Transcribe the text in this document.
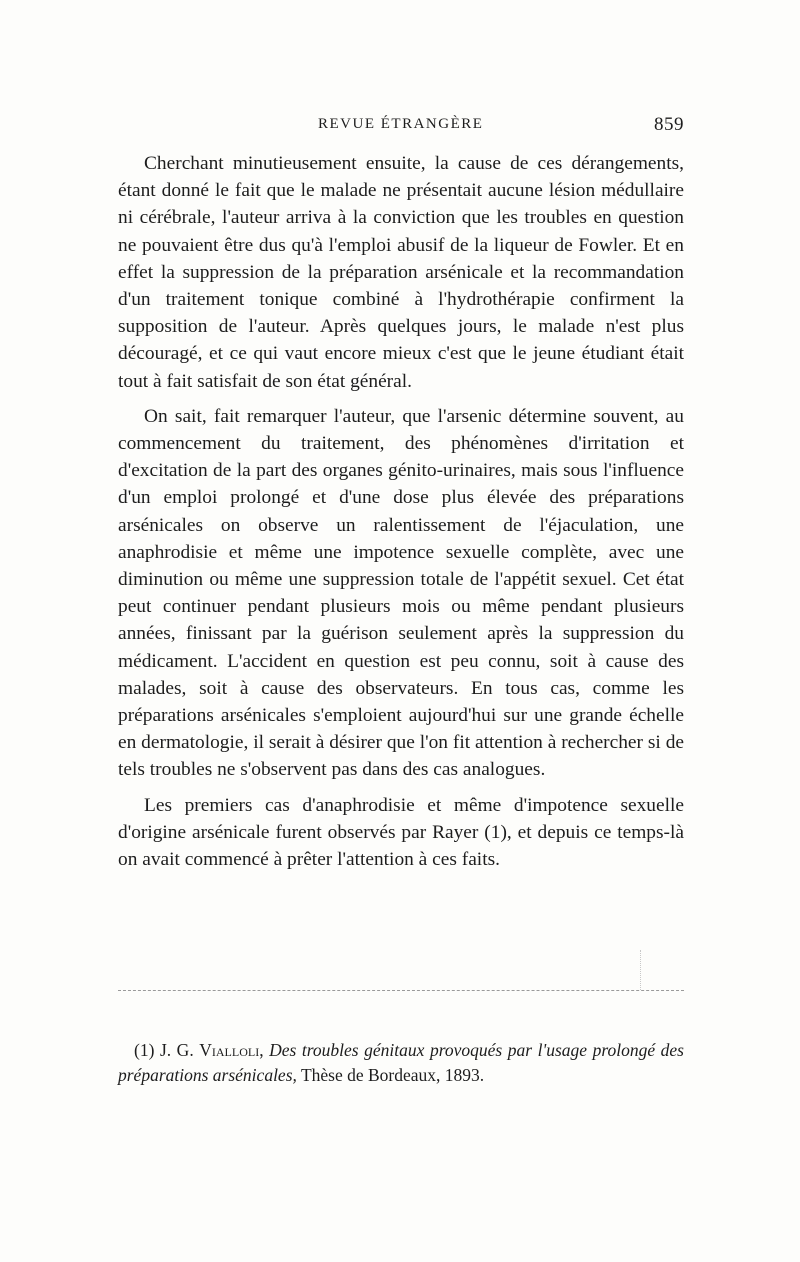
REVUE ÉTRANGÈRE	859

Cherchant minutieusement ensuite, la cause de ces dérangements, étant donné le fait que le malade ne présentait aucune lésion médullaire ni cérébrale, l'auteur arriva à la conviction que les troubles en question ne pouvaient être dus qu'à l'emploi abusif de la liqueur de Fowler. Et en effet la suppression de la préparation arsénicale et la recommandation d'un traitement tonique combiné à l'hydrothérapie confirment la supposition de l'auteur. Après quelques jours, le malade n'est plus découragé, et ce qui vaut encore mieux c'est que le jeune étudiant était tout à fait satisfait de son état général.

On sait, fait remarquer l'auteur, que l'arsenic détermine souvent, au commencement du traitement, des phénomènes d'irritation et d'excitation de la part des organes génito-urinaires, mais sous l'influence d'un emploi prolongé et d'une dose plus élevée des préparations arsénicales on observe un ralentissement de l'éjaculation, une anaphrodisie et même une impotence sexuelle complète, avec une diminution ou même une suppression totale de l'appétit sexuel. Cet état peut continuer pendant plusieurs mois ou même pendant plusieurs années, finissant par la guérison seulement après la suppression du médicament. L'accident en question est peu connu, soit à cause des malades, soit à cause des observateurs. En tous cas, comme les préparations arsénicales s'emploient aujourd'hui sur une grande échelle en dermatologie, il serait à désirer que l'on fit attention à rechercher si de tels troubles ne s'observent pas dans des cas analogues.

Les premiers cas d'anaphrodisie et même d'impotence sexuelle d'origine arsénicale furent observés par Rayer (1), et depuis ce temps-là on avait commencé à prêter l'attention à ces faits.

(1) J. G. Vialloli, Des troubles génitaux provoqués par l'usage prolongé des préparations arsénicales, Thèse de Bordeaux, 1893.
